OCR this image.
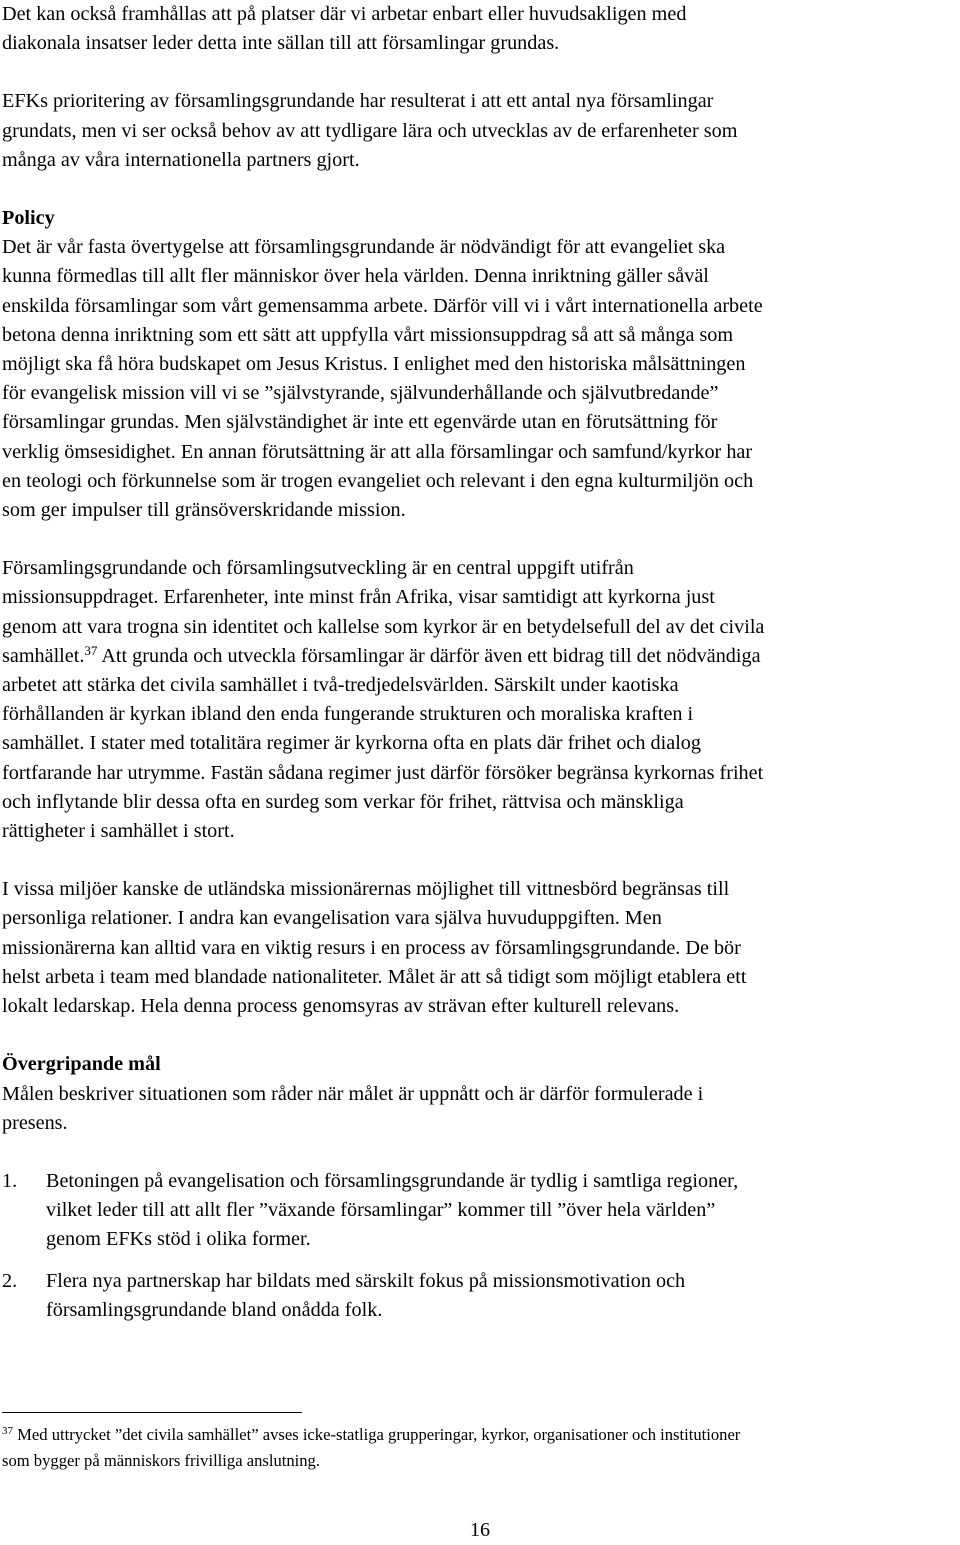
Det kan också framhållas att på platser där vi arbetar enbart eller huvudsakligen med
diakonala insatser leder detta inte sällan till att församlingar grundas.
EFKs prioritering av församlingsgrundande har resulterat i att ett antal nya församlingar
grundats, men vi ser också behov av att tydligare lära och utvecklas av de erfarenheter som
många av våra internationella partners gjort.
Policy
Det är vår fasta övertygelse att församlingsgrundande är nödvändigt för att evangeliet ska
kunna förmedlas till allt fler människor över hela världen. Denna inriktning gäller såväl
enskilda församlingar som vårt gemensamma arbete. Därför vill vi i vårt internationella arbete
betona denna inriktning som ett sätt att uppfylla vårt missionsuppdrag så att så många som
möjligt ska få höra budskapet om Jesus Kristus. I enlighet med den historiska målsättningen
för evangelisk mission vill vi se ”självstyrande, självunderhållande och självutbredande”
församlingar grundas. Men självständighet är inte ett egenvärde utan en förutsättning för
verklig ömsesidighet. En annan förutsättning är att alla församlingar och samfund/kyrkor har
en teologi och förkunnelse som är trogen evangeliet och relevant i den egna kulturmiljön och
som ger impulser till gränsöverskridande mission.
Församlingsgrundande och församlingsutveckling är en central uppgift utifrån
missionsuppdraget. Erfarenheter, inte minst från Afrika, visar samtidigt att kyrkorna just
genom att vara trogna sin identitet och kallelse som kyrkor är en betydelsefull del av det civila
samhället.$^{37}$ Att grunda och utveckla församlingar är därför även ett bidrag till det nödvändiga
arbetet att stärka det civila samhället i två-tredjedelsvärlden. Särskilt under kaotiska
förhållanden är kyrkan ibland den enda fungerande strukturen och moraliska kraften i
samhället. I stater med totalitära regimer är kyrkorna ofta en plats där frihet och dialog
fortfarande har utrymme. Fastän sådana regimer just därför försöker begränsa kyrkornas frihet
och inflytande blir dessa ofta en surdeg som verkar för frihet, rättvisa och mänskliga
rättigheter i samhället i stort.
I vissa miljöer kanske de utländska missionärernas möjlighet till vittnesbörd begränsas till
personliga relationer. I andra kan evangelisation vara själva huvuduppgiften. Men
missionärerna kan alltid vara en viktig resurs i en process av församlingsgrundande. De bör
helst arbeta i team med blandade nationaliteter. Målet är att så tidigt som möjligt etablera ett
lokalt ledarskap. Hela denna process genomsyras av strävan efter kulturell relevans.
Övergripande mål
Målen beskriver situationen som råder när målet är uppnått och är därför formulerade i
presens.
1.	Betoningen på evangelisation och församlingsgrundande är tydlig i samtliga regioner,
vilket leder till att allt fler ”växande församlingar” kommer till ”över hela världen”
genom EFKs stöd i olika former.
2.	Flera nya partnerskap har bildats med särskilt fokus på missionsmotivation och
församlingsgrundande bland onådda folk.
$^{37}$ Med uttrycket ”det civila samhället” avses icke-statliga grupperingar, kyrkor, organisationer och institutioner
som bygger på människors frivilliga anslutning.
16
